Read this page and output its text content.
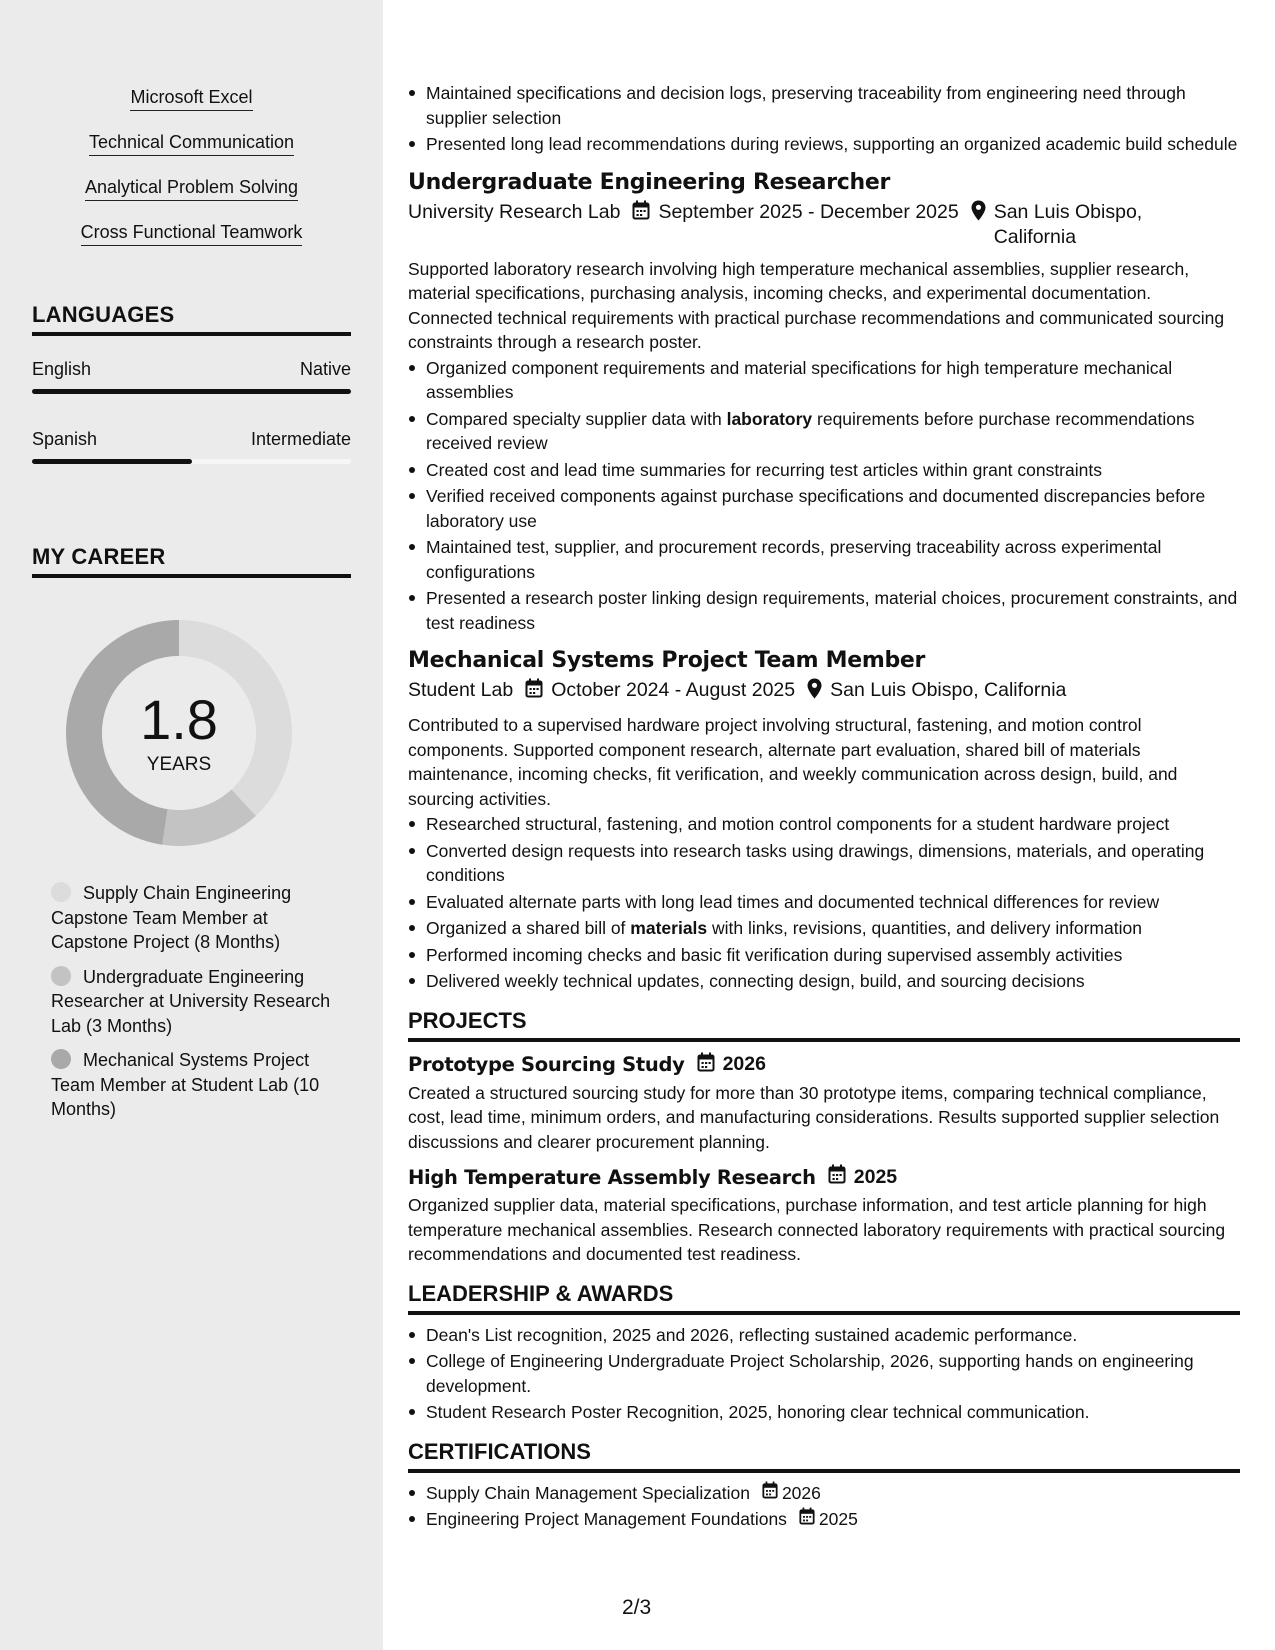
Microsoft Excel
Technical Communication
Analytical Problem Solving
Cross Functional Teamwork
LANGUAGES
English	Native
Spanish	Intermediate
MY CAREER
1.8
YEARS
Supply Chain Engineering Capstone Team Member at Capstone Project (8 Months)
Undergraduate Engineering Researcher at University Research Lab (3 Months)
Mechanical Systems Project Team Member at Student Lab (10 Months)
Maintained specifications and decision logs, preserving traceability from engineering need through supplier selection
Presented long lead recommendations during reviews, supporting an organized academic build schedule
Undergraduate Engineering Researcher
University Research Lab September 2025 - December 2025 San Luis Obispo, California
Supported laboratory research involving high temperature mechanical assemblies, supplier research, material specifications, purchasing analysis, incoming checks, and experimental documentation. Connected technical requirements with practical purchase recommendations and communicated sourcing constraints through a research poster.
Organized component requirements and material specifications for high temperature mechanical assemblies
Compared specialty supplier data with laboratory requirements before purchase recommendations received review
Created cost and lead time summaries for recurring test articles within grant constraints
Verified received components against purchase specifications and documented discrepancies before laboratory use
Maintained test, supplier, and procurement records, preserving traceability across experimental configurations
Presented a research poster linking design requirements, material choices, procurement constraints, and test readiness
Mechanical Systems Project Team Member
Student Lab October 2024 - August 2025 San Luis Obispo, California
Contributed to a supervised hardware project involving structural, fastening, and motion control components. Supported component research, alternate part evaluation, shared bill of materials maintenance, incoming checks, fit verification, and weekly communication across design, build, and sourcing activities.
Researched structural, fastening, and motion control components for a student hardware project
Converted design requests into research tasks using drawings, dimensions, materials, and operating conditions
Evaluated alternate parts with long lead times and documented technical differences for review
Organized a shared bill of materials with links, revisions, quantities, and delivery information
Performed incoming checks and basic fit verification during supervised assembly activities
Delivered weekly technical updates, connecting design, build, and sourcing decisions
PROJECTS
Prototype Sourcing Study 2026
Created a structured sourcing study for more than 30 prototype items, comparing technical compliance, cost, lead time, minimum orders, and manufacturing considerations. Results supported supplier selection discussions and clearer procurement planning.
High Temperature Assembly Research 2025
Organized supplier data, material specifications, purchase information, and test article planning for high temperature mechanical assemblies. Research connected laboratory requirements with practical sourcing recommendations and documented test readiness.
LEADERSHIP & AWARDS
Dean's List recognition, 2025 and 2026, reflecting sustained academic performance.
College of Engineering Undergraduate Project Scholarship, 2026, supporting hands on engineering development.
Student Research Poster Recognition, 2025, honoring clear technical communication.
CERTIFICATIONS
Supply Chain Management Specialization 2026
Engineering Project Management Foundations 2025
2/3
